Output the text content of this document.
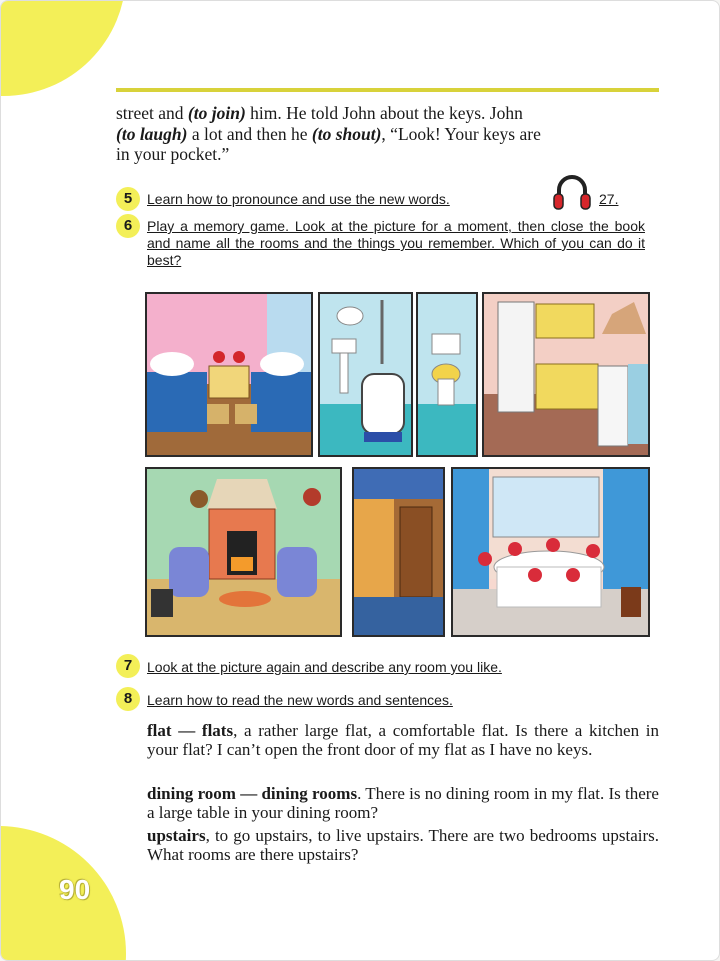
street and (to join) him. He told John about the keys. John
(to laugh) a lot and then he (to shout), “Look! Your keys are
in your pocket.”
5	Learn how to pronounce and use the new words.	27.
6	Play a memory game. Look at the picture for a moment, then close the book and name all the rooms and the things you remember. Which of you can do it best?
7	Look at the picture again and describe any room you like.
8	Learn how to read the new words and sentences.
flat — flats, a rather large flat, a comfortable flat. Is there a kitchen in your flat? I can’t open the front door of my flat as I have no keys.
dining room — dining rooms. There is no dining room in my flat. Is there a large table in your dining room?
upstairs, to go upstairs, to live upstairs. There are two bedrooms upstairs. What rooms are there upstairs?
90
